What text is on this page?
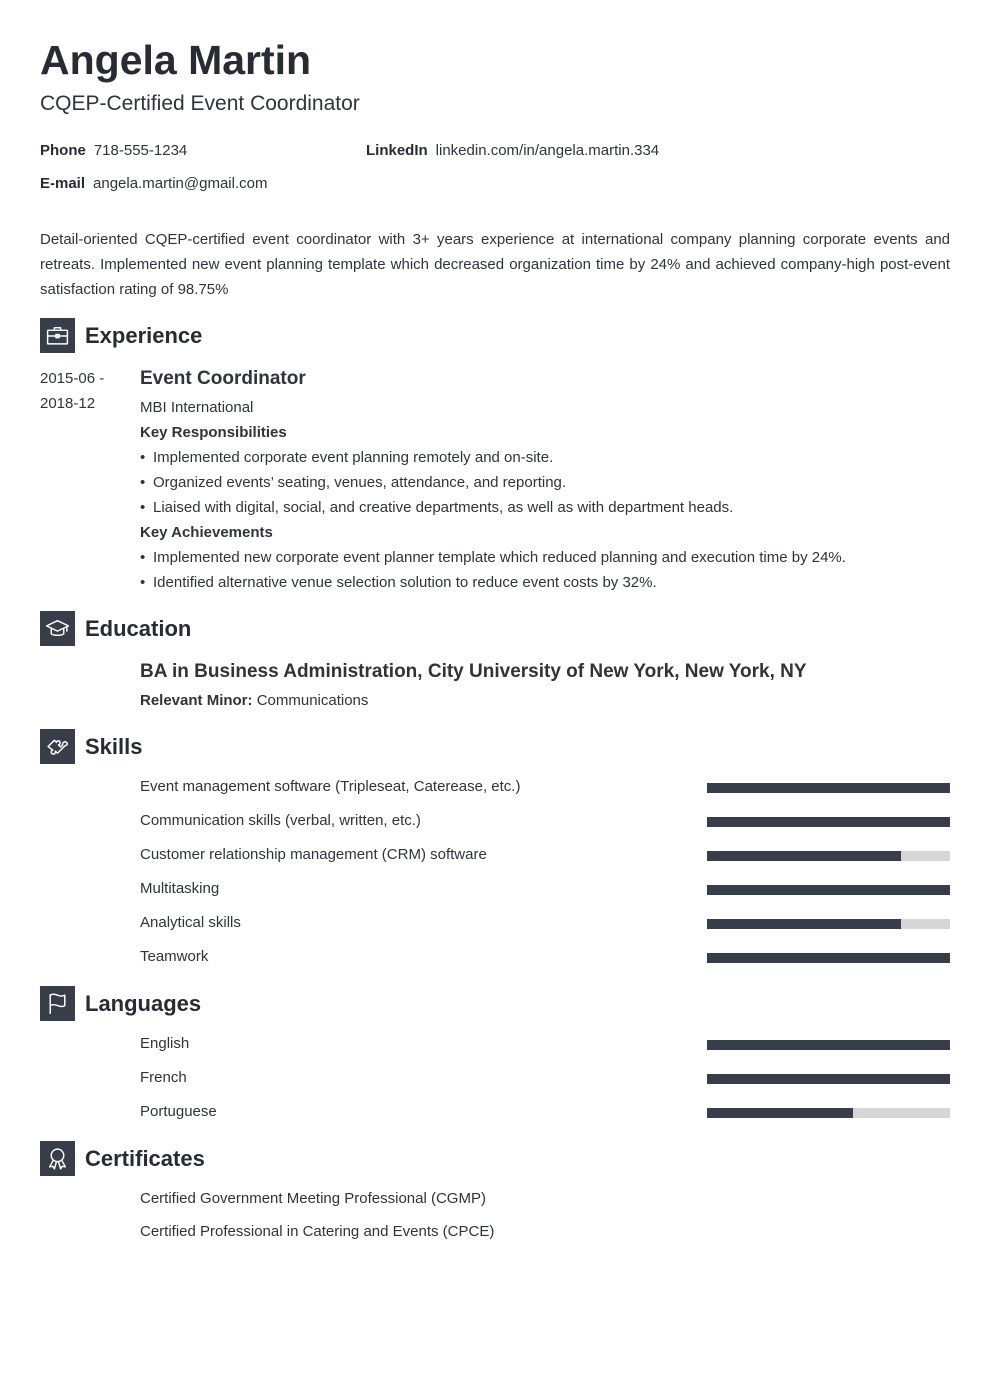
Angela Martin
CQEP-Certified Event Coordinator
Phone 718-555-1234	LinkedIn linkedin.com/in/angela.martin.334
E-mail angela.martin@gmail.com

Detail-oriented CQEP-certified event coordinator with 3+ years experience at international company planning corporate events and retreats. Implemented new event planning template which decreased organization time by 24% and achieved company-high post-event satisfaction rating of 98.75%

Experience
2015-06 -
2018-12
Event Coordinator
MBI International
Key Responsibilities
• Implemented corporate event planning remotely and on-site.
• Organized events’ seating, venues, attendance, and reporting.
• Liaised with digital, social, and creative departments, as well as with department heads.
Key Achievements
• Implemented new corporate event planner template which reduced planning and execution time by 24%.
• Identified alternative venue selection solution to reduce event costs by 32%.
Education
BA in Business Administration, City University of New York, New York, NY
Relevant Minor: Communications
Skills
Event management software (Tripleseat, Caterease, etc.)
Communication skills (verbal, written, etc.)
Customer relationship management (CRM) software
Multitasking
Analytical skills
Teamwork
Languages
English
French
Portuguese
Certificates
Certified Government Meeting Professional (CGMP)
Certified Professional in Catering and Events (CPCE)
